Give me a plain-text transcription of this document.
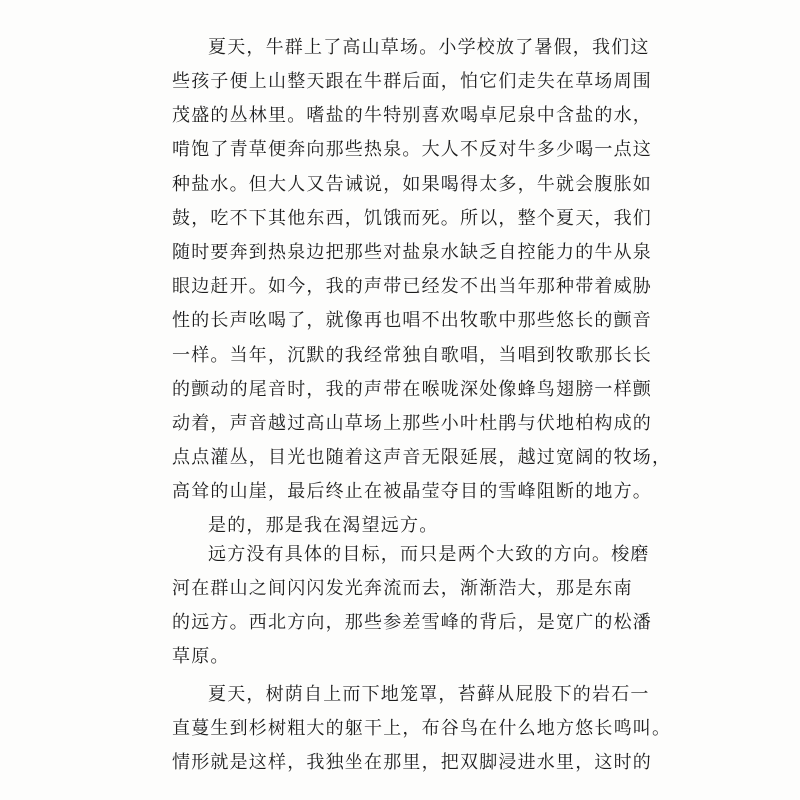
夏天，牛群上了高山草场。小学校放了暑假，我们这

些孩子便上山整天跟在牛群后面，怕它们走失在草场周围

茂盛的丛林里。嗜盐的牛特别喜欢喝卓尼泉中含盐的水，

啃饱了青草便奔向那些热泉。大人不反对牛多少喝一点这

种盐水。但大人又告诫说，如果喝得太多，牛就会腹胀如

鼓，吃不下其他东西，饥饿而死。所以，整个夏天，我们

随时要奔到热泉边把那些对盐泉水缺乏自控能力的牛从泉

眼边赶开。如今，我的声带已经发不出当年那种带着威胁

性的长声吆喝了，就像再也唱不出牧歌中那些悠长的颤音

一样。当年，沉默的我经常独自歌唱，当唱到牧歌那长长

的颤动的尾音时，我的声带在喉咙深处像蜂鸟翅膀一样颤

动着，声音越过高山草场上那些小叶杜鹃与伏地柏构成的

点点灌丛，目光也随着这声音无限延展，越过宽阔的牧场，

高耸的山崖，最后终止在被晶莹夺目的雪峰阻断的地方。

是的，那是我在渴望远方。

远方没有具体的目标，而只是两个大致的方向。梭磨

河在群山之间闪闪发光奔流而去，渐渐浩大，那是东南

的远方。西北方向，那些参差雪峰的背后，是宽广的松潘

草原。

夏天，树荫自上而下地笼罩，苔藓从屁股下的岩石一

直蔓生到杉树粗大的躯干上，布谷鸟在什么地方悠长鸣叫。

情形就是这样，我独坐在那里，把双脚浸进水里，这时的
